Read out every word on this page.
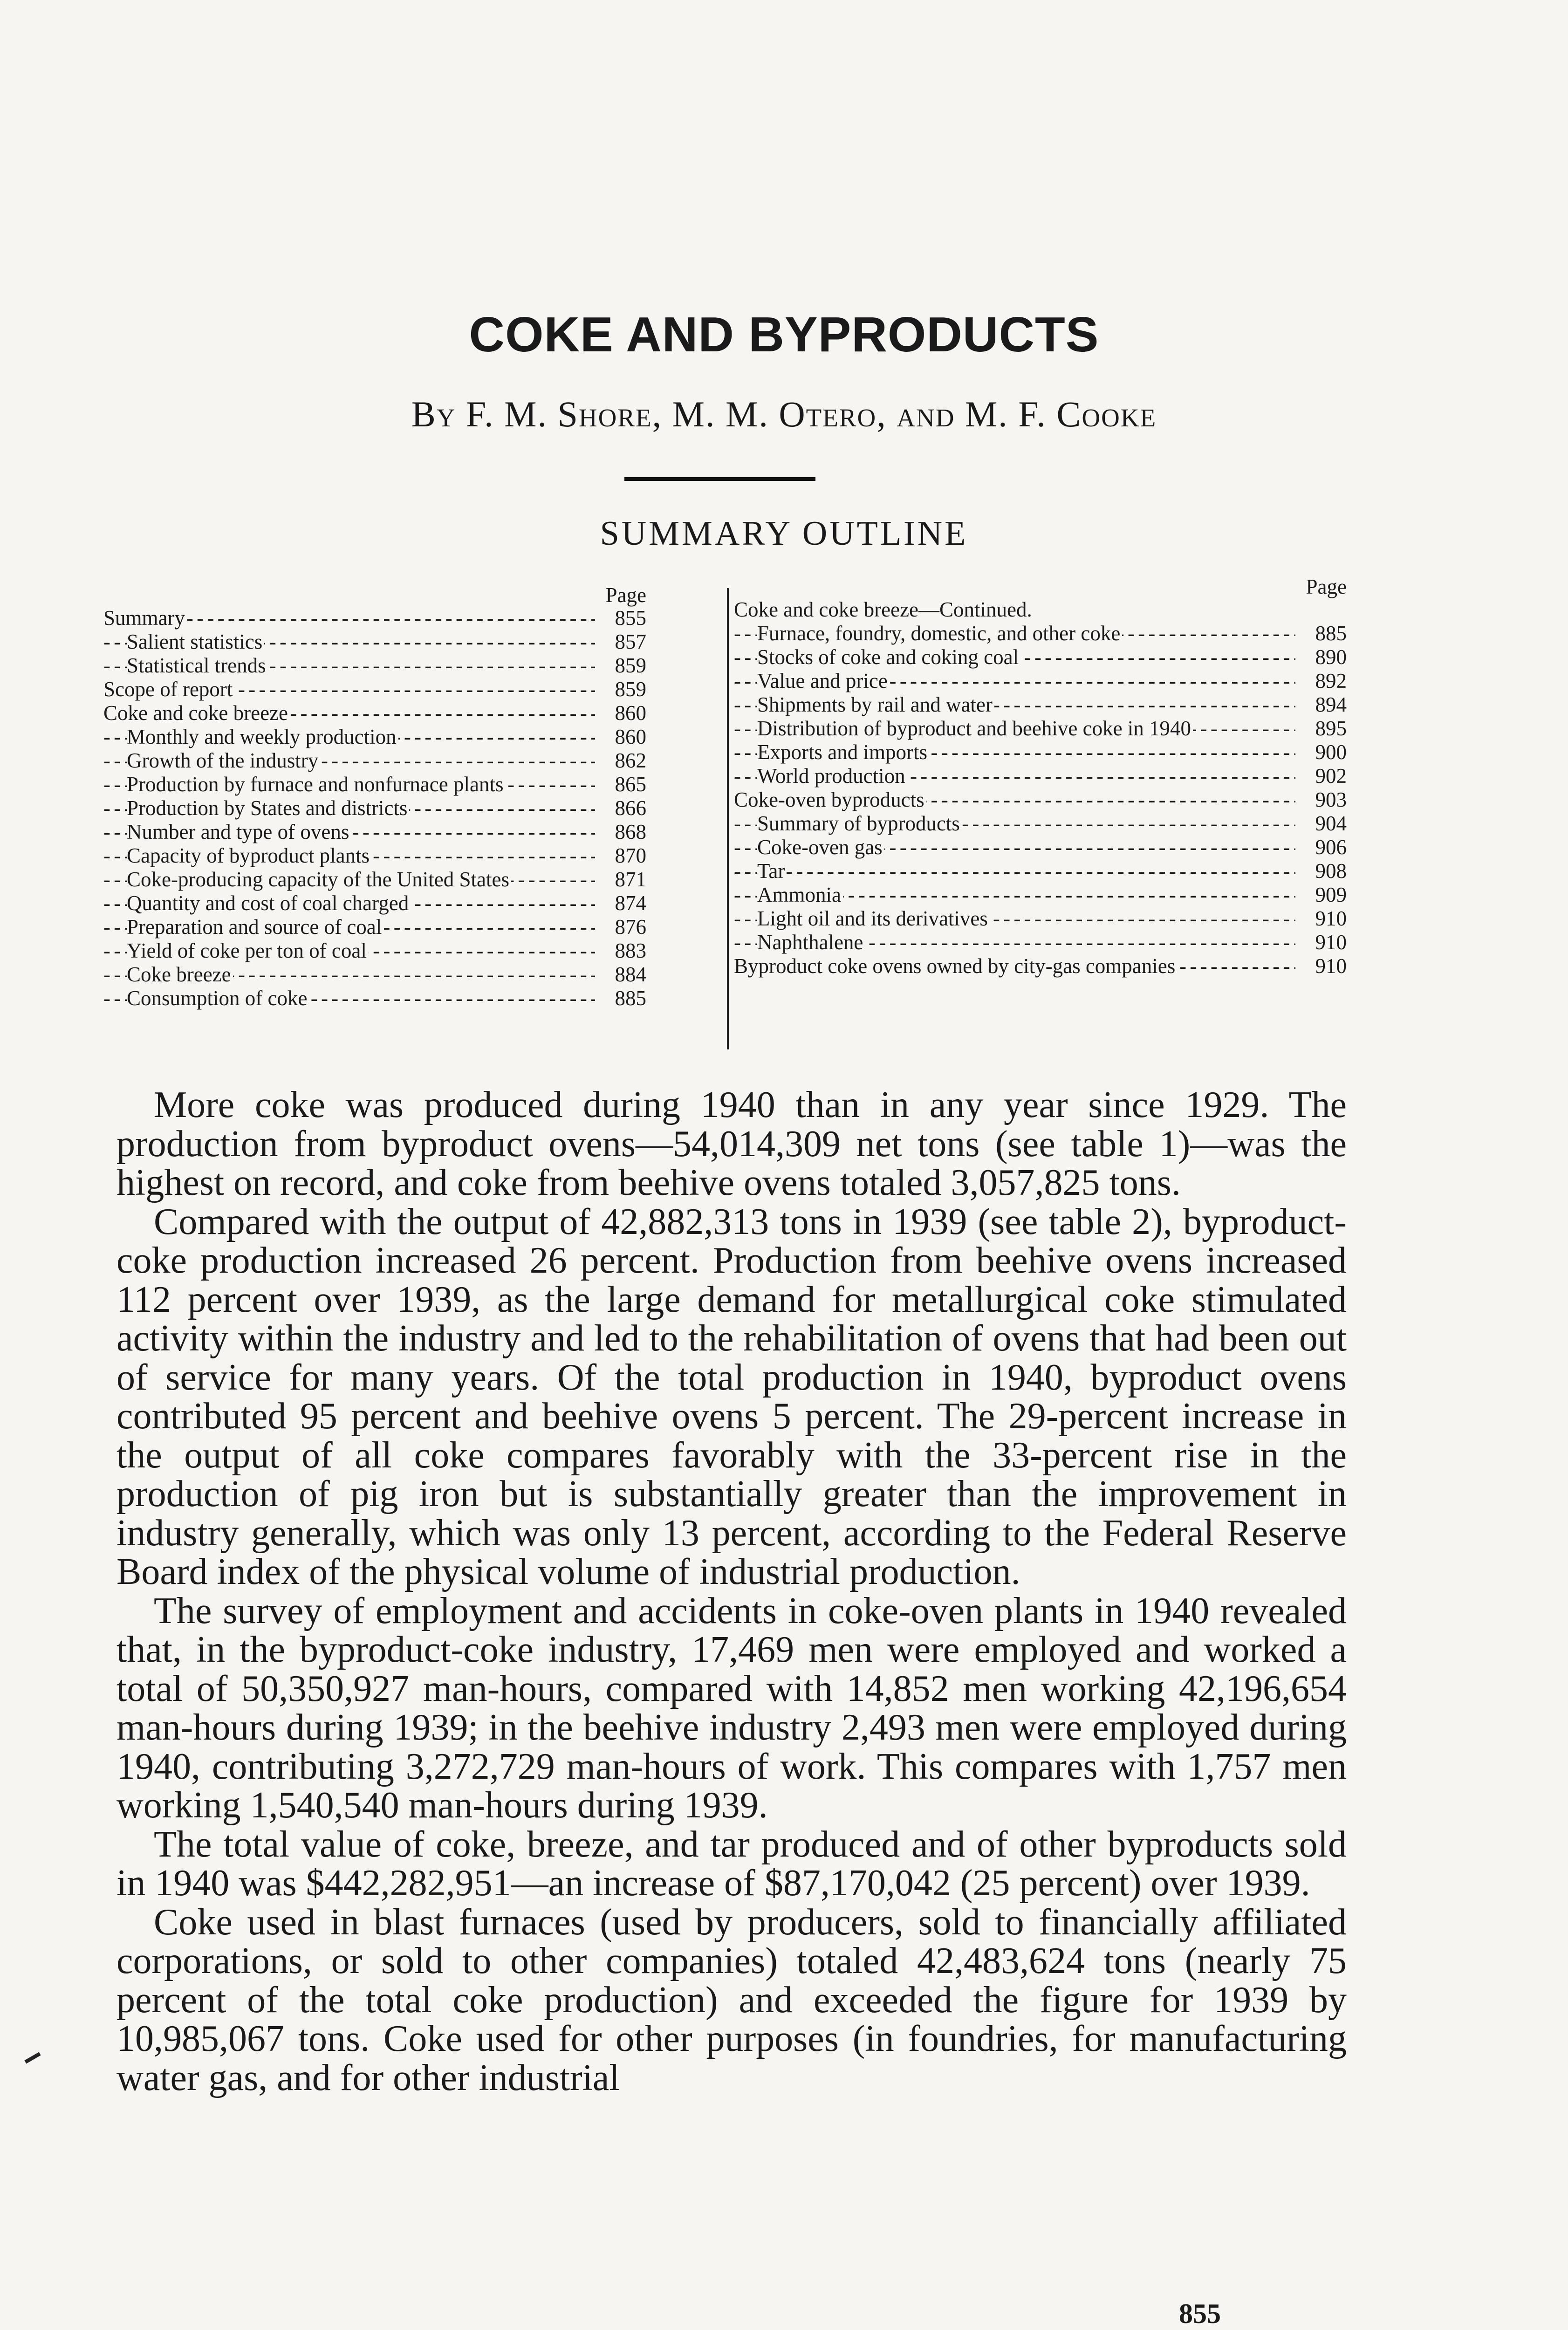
COKE AND BYPRODUCTS
By F. M. Shore, M. M. Otero, and M. F. Cooke
SUMMARY OUTLINE
Page
Summary - - -	855
Salient statistics - - -	857
Statistical trends - - -	859
Scope of report - - -	859
Coke and coke breeze - - -	860
Monthly and weekly production - - -	860
Growth of the industry - - -	862
Production by furnace and nonfurnace plants - - -	865
Production by States and districts - - -	866
Number and type of ovens - - -	868
Capacity of byproduct plants - - -	870
Coke-producing capacity of the United States - - -	871
Quantity and cost of coal charged - - -	874
Preparation and source of coal - - -	876
Yield of coke per ton of coal - - -	883
Coke breeze - - -	884
Consumption of coke - - -	885
Page
Coke and coke breeze—Continued.
Furnace, foundry, domestic, and other coke - - -	885
Stocks of coke and coking coal - - -	890
Value and price - - -	892
Shipments by rail and water - - -	894
Distribution of byproduct and beehive coke in 1940 - - -	895
Exports and imports - - -	900
World production - - -	902
Coke-oven byproducts - - -	903
Summary of byproducts - - -	904
Coke-oven gas - - -	906
Tar - - -	908
Ammonia - - -	909
Light oil and its derivatives - - -	910
Naphthalene - - -	910
Byproduct coke ovens owned by city-gas companies - - -	910

More coke was produced during 1940 than in any year since 1929. The production from byproduct ovens—54,014,309 net tons (see table 1)—was the highest on record, and coke from beehive ovens totaled 3,057,825 tons.

Compared with the output of 42,882,313 tons in 1939 (see table 2), byproduct-coke production increased 26 percent. Production from beehive ovens increased 112 percent over 1939, as the large demand for metallurgical coke stimulated activity within the industry and led to the rehabilitation of ovens that had been out of service for many years. Of the total production in 1940, byproduct ovens contributed 95 percent and beehive ovens 5 percent. The 29-percent increase in the output of all coke compares favorably with the 33-percent rise in the production of pig iron but is substantially greater than the improvement in industry generally, which was only 13 percent, according to the Federal Reserve Board index of the physical volume of industrial production.

The survey of employment and accidents in coke-oven plants in 1940 revealed that, in the byproduct-coke industry, 17,469 men were employed and worked a total of 50,350,927 man-hours, compared with 14,852 men working 42,196,654 man-hours during 1939; in the beehive industry 2,493 men were employed during 1940, contributing 3,272,729 man-hours of work. This compares with 1,757 men working 1,540,540 man-hours during 1939.

The total value of coke, breeze, and tar produced and of other byproducts sold in 1940 was $442,282,951—an increase of $87,170,042 (25 percent) over 1939.

Coke used in blast furnaces (used by producers, sold to financially affiliated corporations, or sold to other companies) totaled 42,483,624 tons (nearly 75 percent of the total coke production) and exceeded the figure for 1939 by 10,985,067 tons. Coke used for other purposes (in foundries, for manufacturing water gas, and for other industrial

855
